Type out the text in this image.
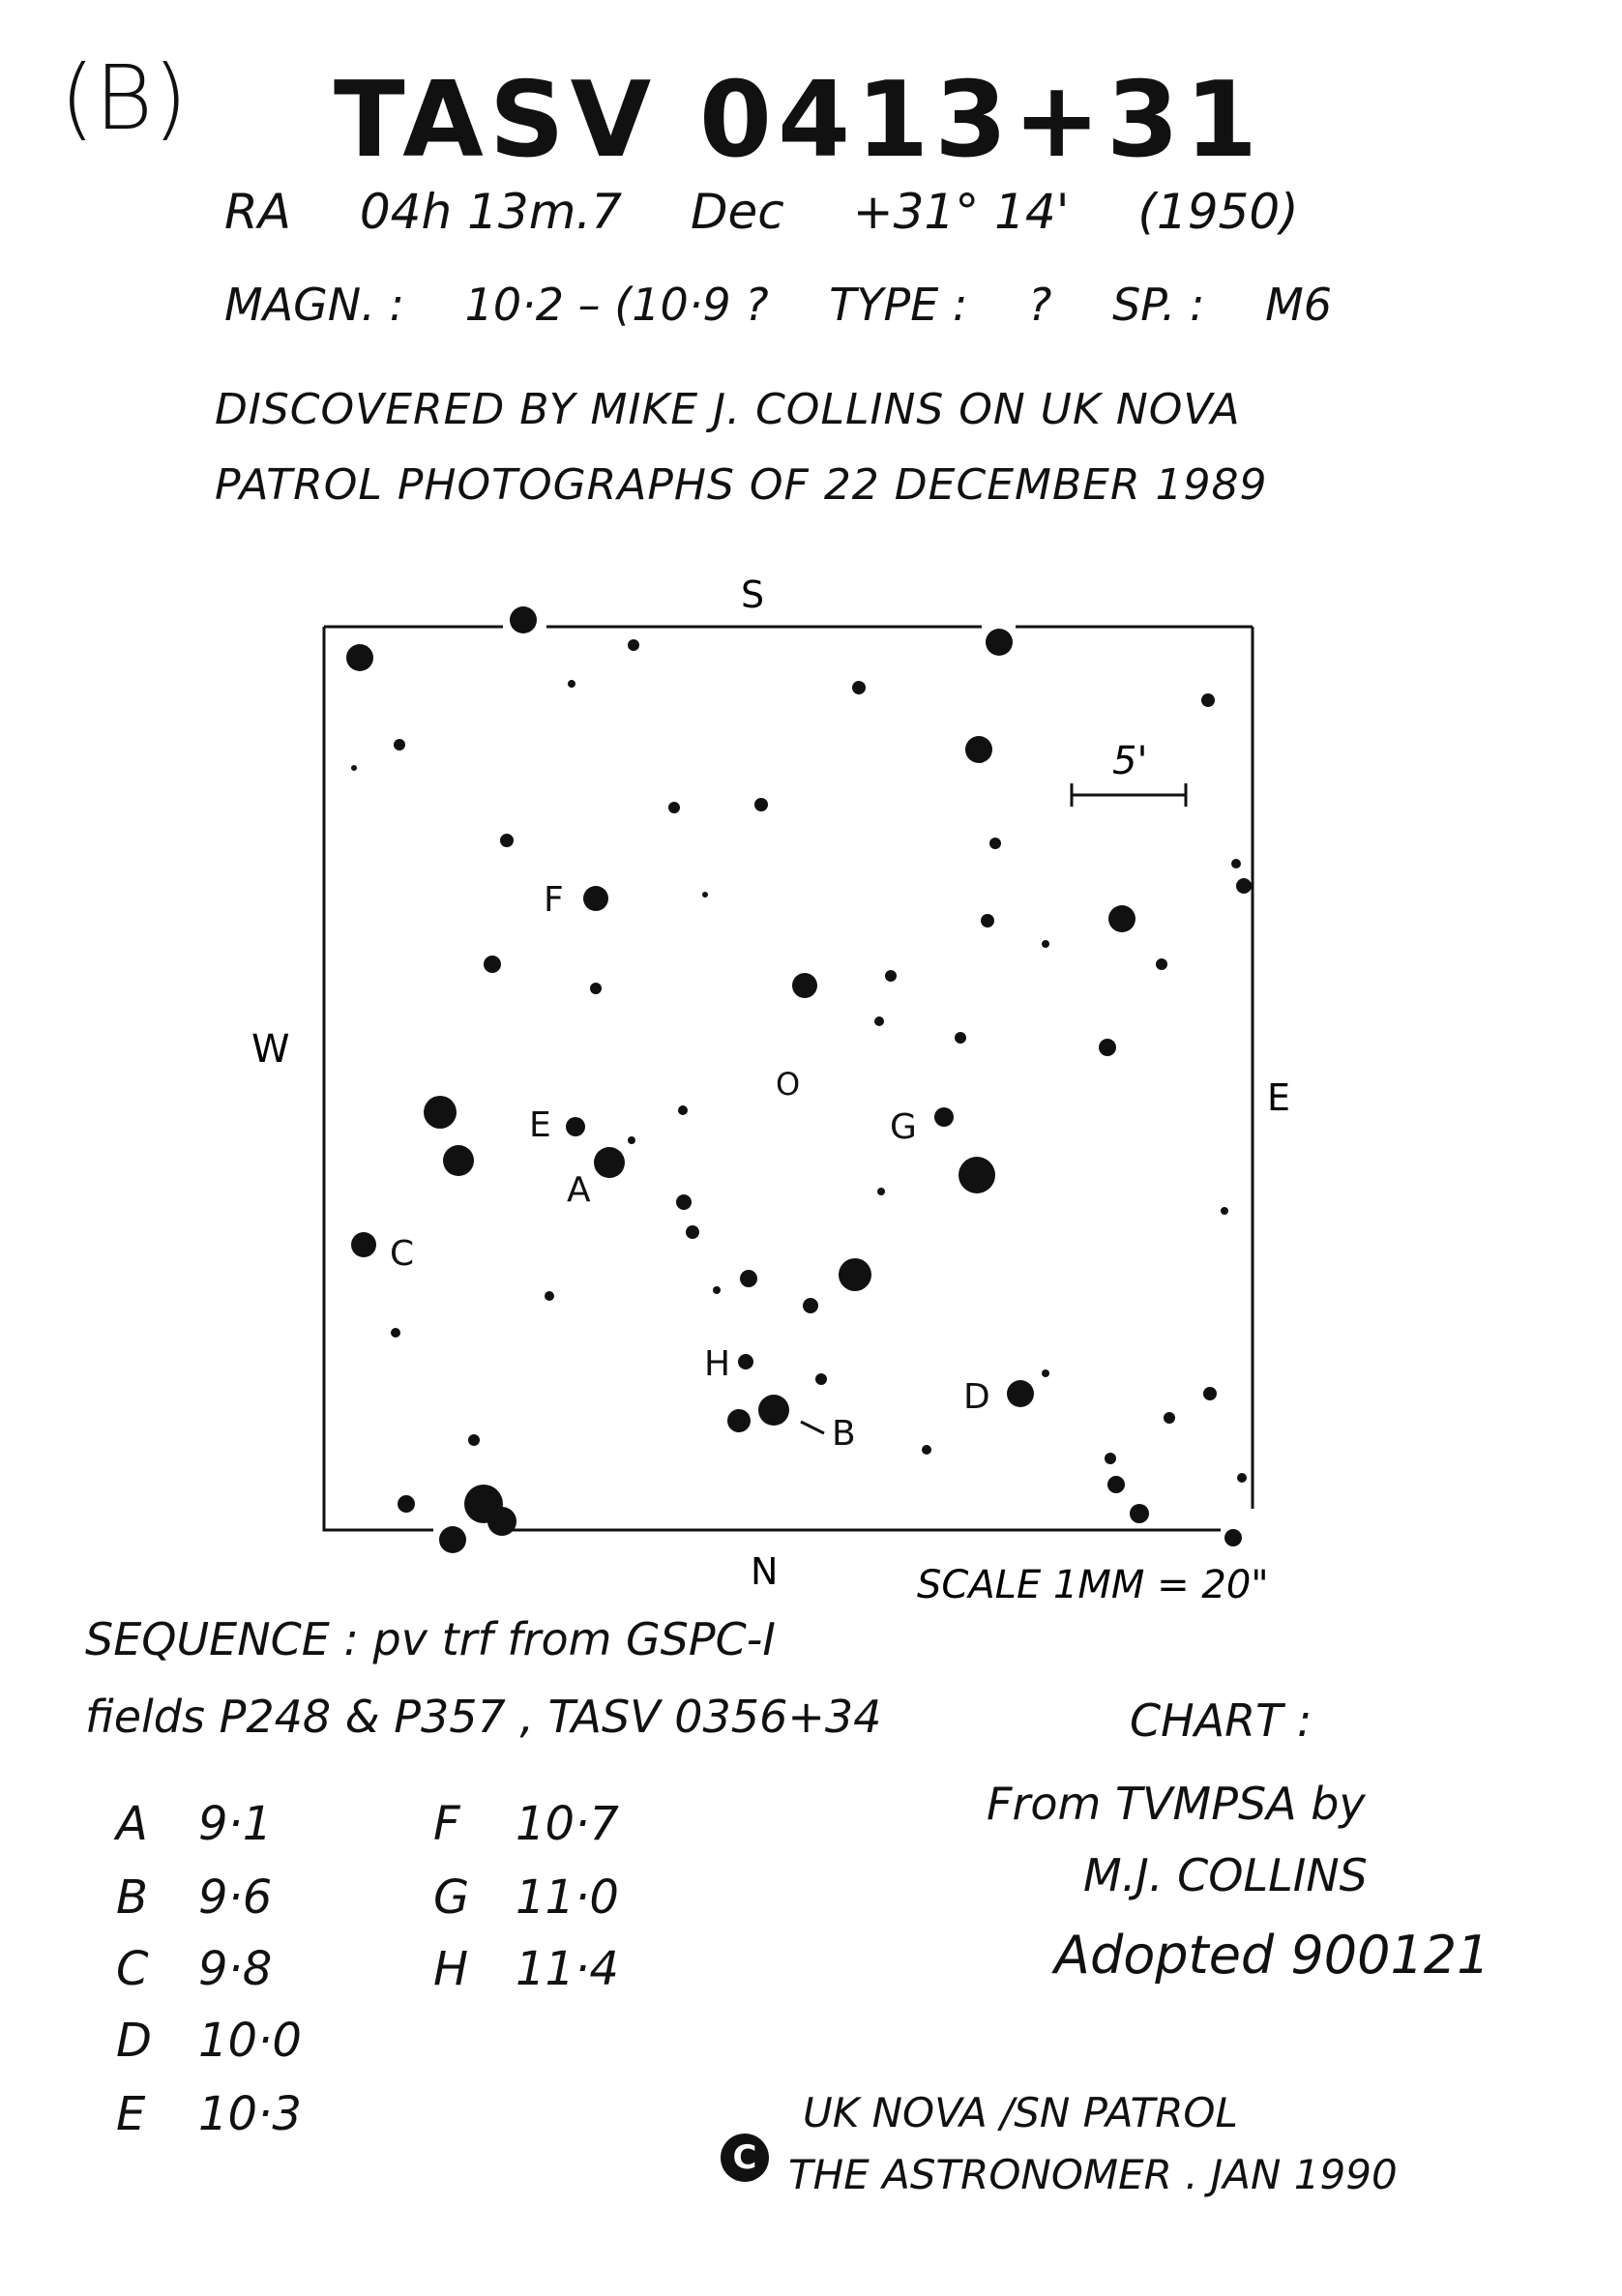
(B) TASV 0413+31
RA 04h 13m.7 Dec +31° 14' (1950)
MAGN. : 10·2 – (10·9 ? TYPE : ? SP. : M6
DISCOVERED BY MIKE J. COLLINS ON UK NOVA
PATROL PHOTOGRAPHS OF 22 DECEMBER 1989
5'
S
N
W
E
SCALE 1MM = 20"
F
E
A
G
C
H
D
B
O
SEQUENCE : pv trf from GSPC-I
fields P248 & P357 , TASV 0356+34
A 9·1
B 9·6
C 9·8
D 10·0
E 10·3
F 10·7
G 11·0
H 11·4
CHART :
From TVMPSA by
M.J. COLLINS
Adopted 900121
UK NOVA /SN PATROL
C THE ASTRONOMER . JAN 1990
